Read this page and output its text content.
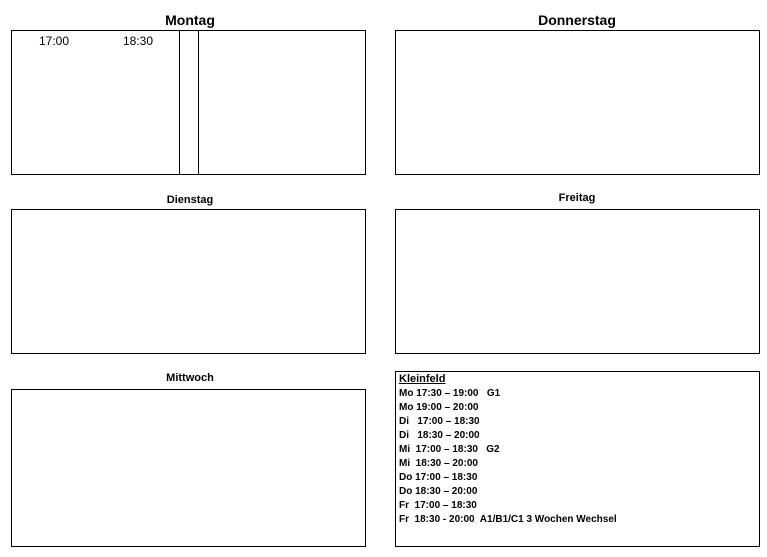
Montag
Dienstag
Mittwoch
Donnerstag
Freitag
17:00	18:30
Kleinfeld
Mo 17:30 – 19:00   G1
Mo 19:00 – 20:00
Di   17:00 – 18:30
Di   18:30 – 20:00
Mi  17:00 – 18:30   G2
Mi  18:30 – 20:00
Do 17:00 – 18:30
Do 18:30 – 20:00
Fr  17:00 – 18:30
Fr  18:30 - 20:00  A1/B1/C1 3 Wochen Wechsel
